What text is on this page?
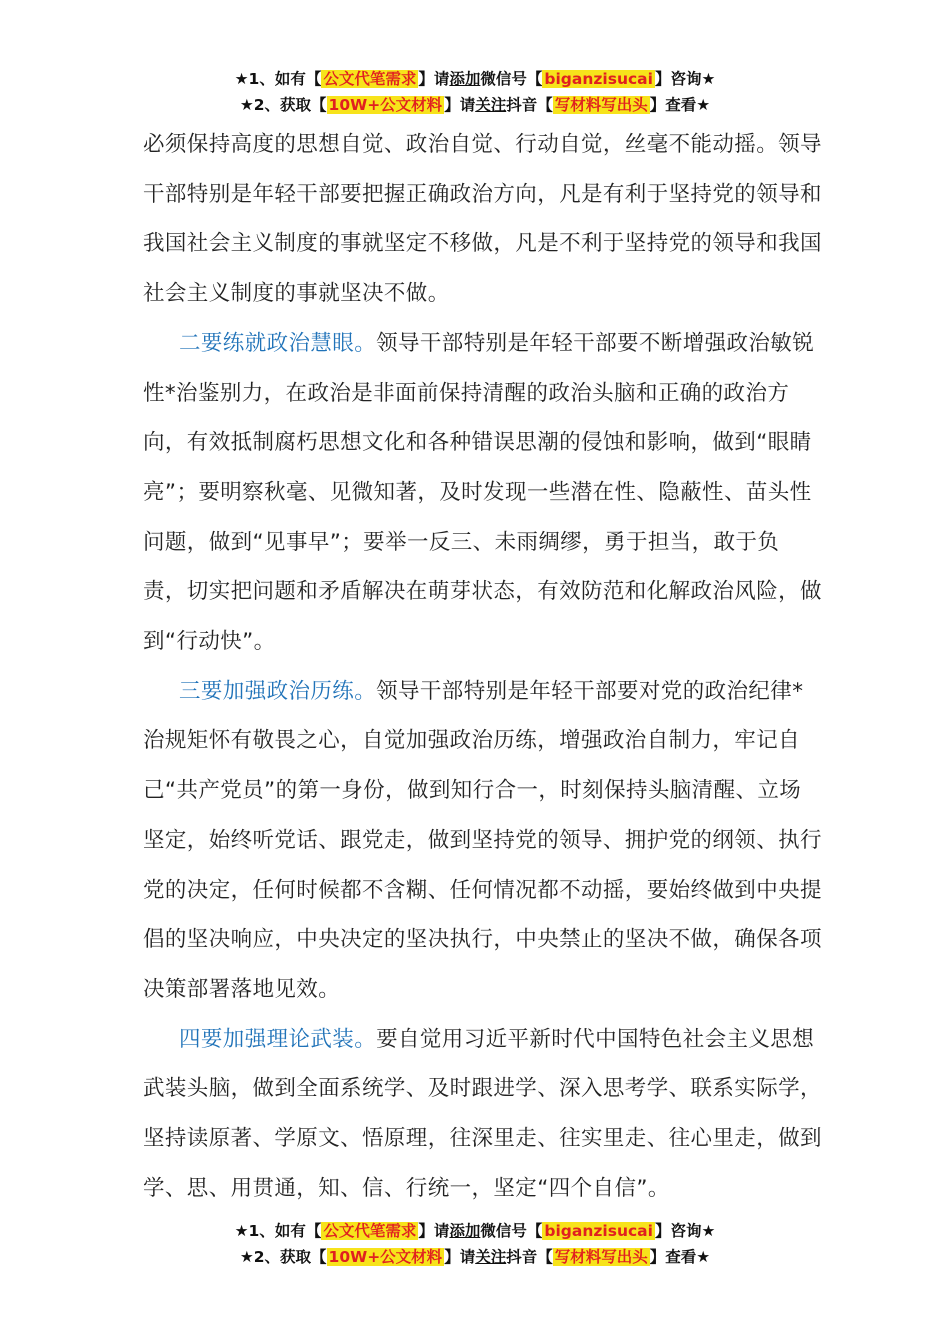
★1、如有【 公文代笔需求 】请添加微信号【 biganzisucai 】咨询★
★2、获取【 10W+公文材料 】请关注抖音【 写材料写出头 】查看★

必须保持高度的思想自觉、政治自觉、行动自觉，丝毫不能动摇。领导干部特别是年轻干部要把握正确政治方向，凡是有利于坚持党的领导和我国社会主义制度的事就坚定不移做，凡是不利于坚持党的领导和我国社会主义制度的事就坚决不做。

二要练就政治慧眼。领导干部特别是年轻干部要不断增强政治敏锐性*治鉴别力，在政治是非面前保持清醒的政治头脑和正确的政治方向，有效抵制腐朽思想文化和各种错误思潮的侵蚀和影响，做到“眼睛亮”；要明察秋毫、见微知著，及时发现一些潜在性、隐蔽性、苗头性问题，做到“见事早”；要举一反三、未雨绸缪，勇于担当，敢于负责，切实把问题和矛盾解决在萌芽状态，有效防范和化解政治风险，做到“行动快”。

三要加强政治历练。领导干部特别是年轻干部要对党的政治纪律*治规矩怀有敬畏之心，自觉加强政治历练，增强政治自制力，牢记自己“共产党员”的第一身份，做到知行合一，时刻保持头脑清醒、立场坚定，始终听党话、跟党走，做到坚持党的领导、拥护党的纲领、执行党的决定，任何时候都不含糊、任何情况都不动摇，要始终做到中央提倡的坚决响应，中央决定的坚决执行，中央禁止的坚决不做，确保各项决策部署落地见效。

四要加强理论武装。要自觉用习近平新时代中国特色社会主义思想武装头脑，做到全面系统学、及时跟进学、深入思考学、联系实际学，坚持读原著、学原文、悟原理，往深里走、往实里走、往心里走，做到学、思、用贯通，知、信、行统一，坚定“四个自信”。

★1、如有【 公文代笔需求 】请添加微信号【 biganzisucai 】咨询★
★2、获取【 10W+公文材料 】请关注抖音【 写材料写出头 】查看★
